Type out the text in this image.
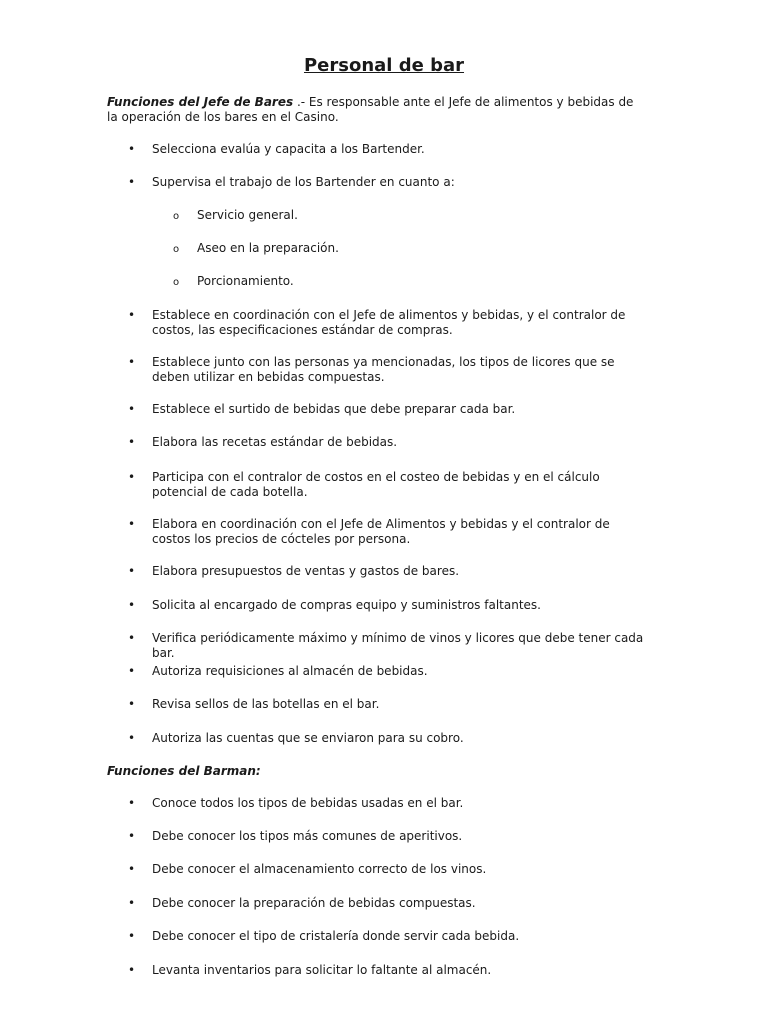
Personal de bar
Funciones del Jefe de Bares .- Es responsable ante el Jefe de alimentos y bebidas de la operación de los bares en el Casino.
• Selecciona evalúa y capacita a los Bartender.
• Supervisa el trabajo de los Bartender en cuanto a:
o Servicio general.
o Aseo en la preparación.
o Porcionamiento.
• Establece en coordinación con el Jefe de alimentos y bebidas, y el contralor de costos, las especificaciones estándar de compras.
• Establece junto con las personas ya mencionadas, los tipos de licores que se deben utilizar en bebidas compuestas.
• Establece el surtido de bebidas que debe preparar cada bar.
• Elabora las recetas estándar de bebidas.
• Participa con el contralor de costos en el costeo de bebidas y en el cálculo potencial de cada botella.
• Elabora en coordinación con el Jefe de Alimentos y bebidas y el contralor de costos los precios de cócteles por persona.
• Elabora presupuestos de ventas y gastos de bares.
• Solicita al encargado de compras equipo y suministros faltantes.
• Verifica periódicamente máximo y mínimo de vinos y licores que debe tener cada bar.
• Autoriza requisiciones al almacén de bebidas.
• Revisa sellos de las botellas en el bar.
• Autoriza las cuentas que se enviaron para su cobro.
Funciones del Barman:
• Conoce todos los tipos de bebidas usadas en el bar.
• Debe conocer los tipos más comunes de aperitivos.
• Debe conocer el almacenamiento correcto de los vinos.
• Debe conocer la preparación de bebidas compuestas.
• Debe conocer el tipo de cristalería donde servir cada bebida.
• Levanta inventarios para solicitar lo faltante al almacén.
